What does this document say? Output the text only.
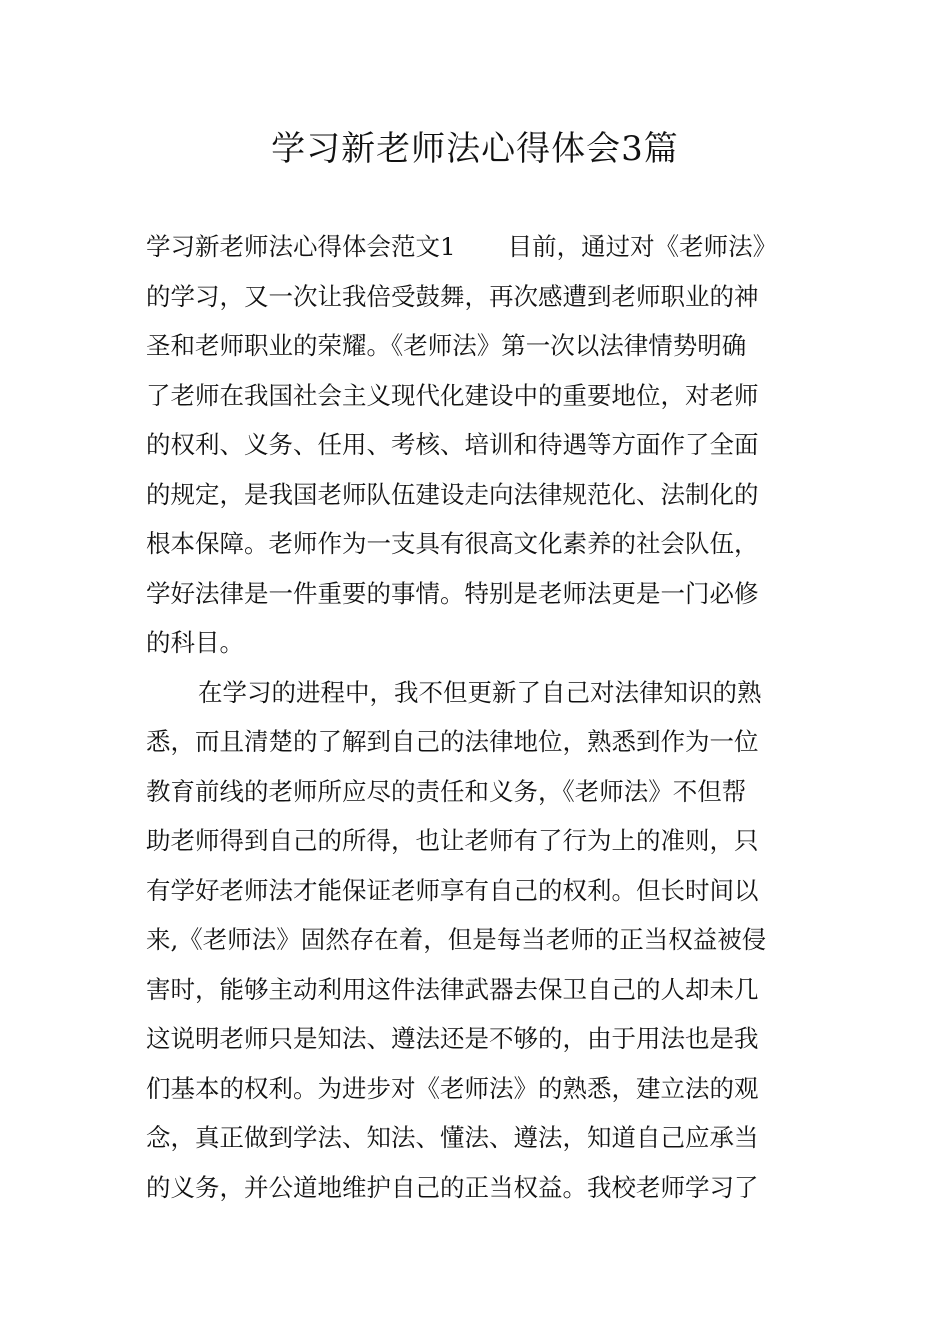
学习新老师法心得体会3篇
学习新老师法心得体会范文1 目前，通过对《老师法》
的学习，又一次让我倍受鼓舞，再次感遭到老师职业的神
圣和老师职业的荣耀。《老师法》第一次以法律情势明确
了老师在我国社会主义现代化建设中的重要地位，对老师
的权利、义务、任用、考核、培训和待遇等方面作了全面
的规定，是我国老师队伍建设走向法律规范化、法制化的
根本保障。老师作为一支具有很高文化素养的社会队伍，
学好法律是一件重要的事情。特别是老师法更是一门必修
的科目。
在学习的进程中，我不但更新了自己对法律知识的熟
悉，而且清楚的了解到自己的法律地位，熟悉到作为一位
教育前线的老师所应尽的责任和义务，《老师法》不但帮
助老师得到自己的所得，也让老师有了行为上的准则，只
有学好老师法才能保证老师享有自己的权利。但长时间以
来,《老师法》固然存在着，但是每当老师的正当权益被侵
害时，能够主动利用这件法律武器去保卫自己的人却未几
这说明老师只是知法、遵法还是不够的，由于用法也是我
们基本的权利。为进步对《老师法》的熟悉，建立法的观
念，真正做到学法、知法、懂法、遵法，知道自己应承当
的义务，并公道地维护自己的正当权益。我校老师学习了
